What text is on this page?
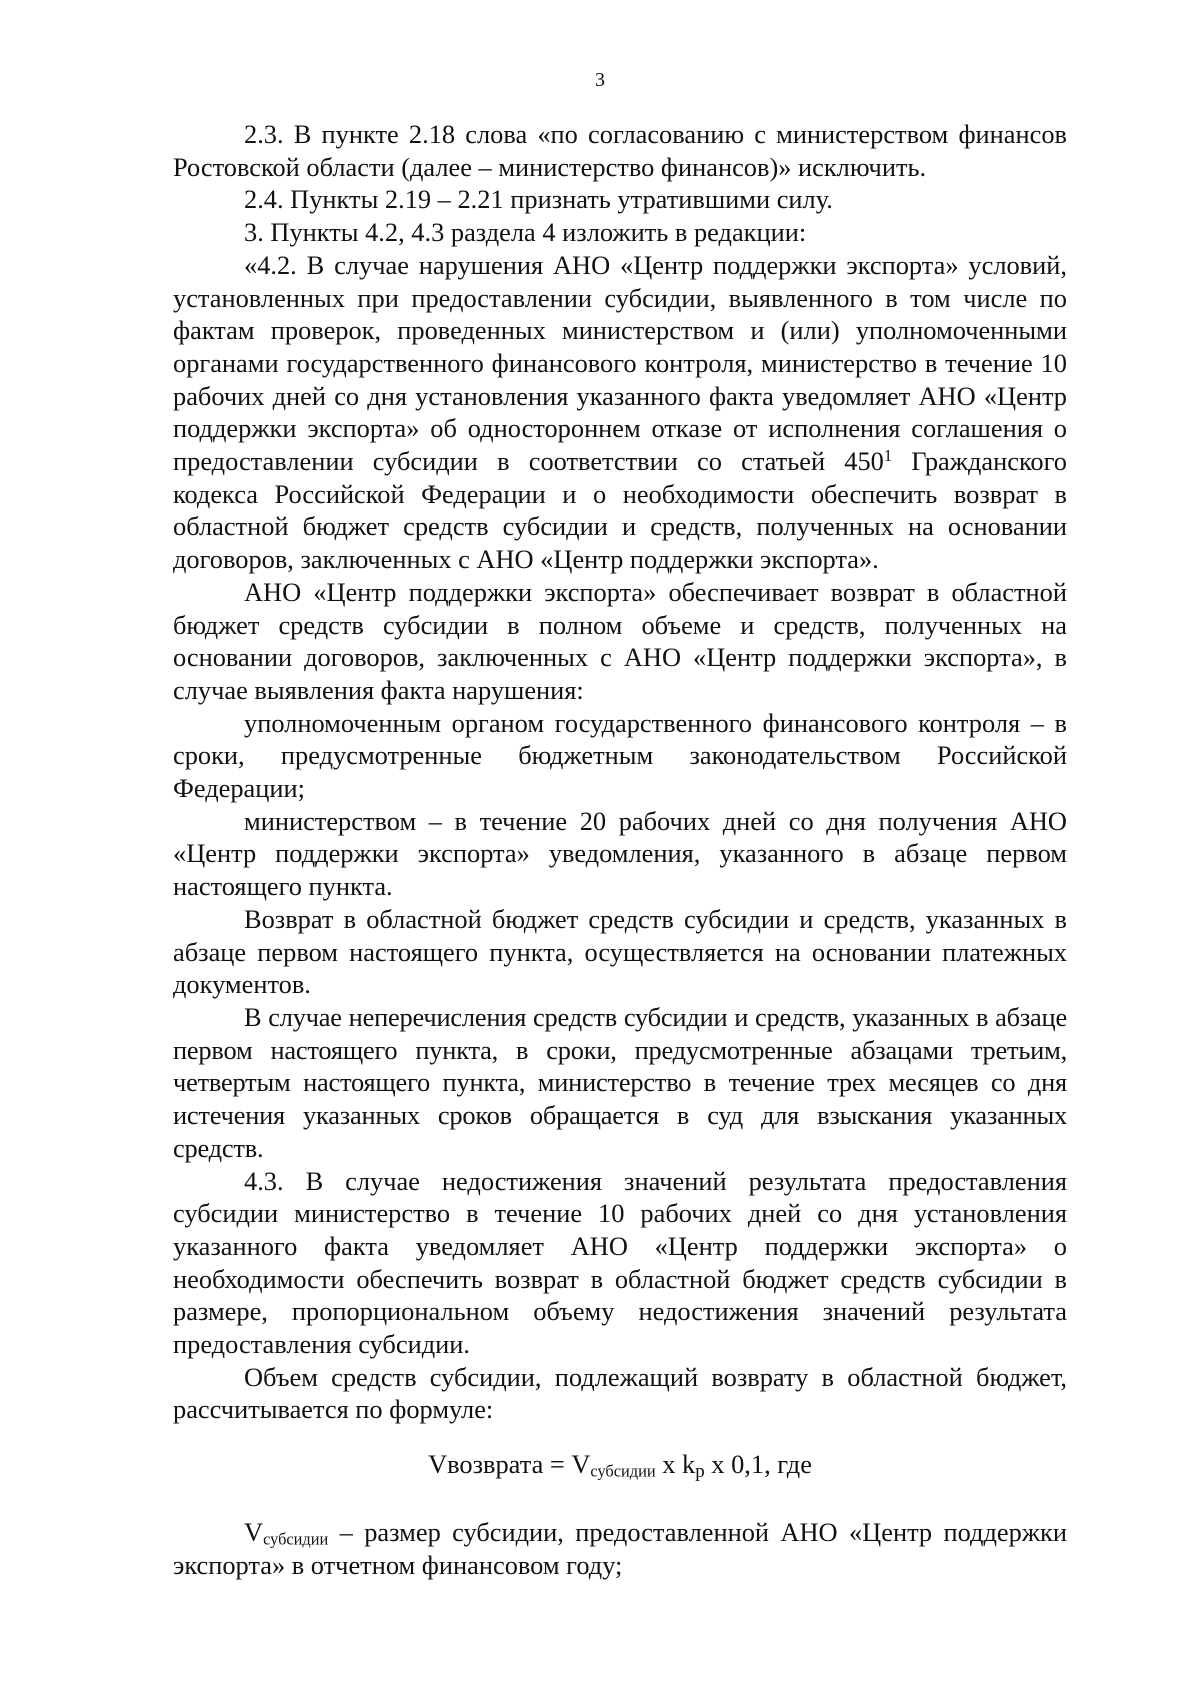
3

2.3. В пункте 2.18 слова «по согласованию с министерством финансов Ростовской области (далее – министерство финансов)» исключить.

2.4. Пункты 2.19 – 2.21 признать утратившими силу.

3. Пункты 4.2, 4.3 раздела 4 изложить в редакции:

«4.2. В случае нарушения АНО «Центр поддержки экспорта» условий, установленных при предоставлении субсидии, выявленного в том числе по фактам проверок, проведенных министерством и (или) уполномоченными органами государственного финансового контроля, министерство в течение 10 рабочих дней со дня установления указанного факта уведомляет АНО «Центр поддержки экспорта» об одностороннем отказе от исполнения соглашения о предоставлении субсидии в соответствии со статьей $450^1$ Гражданского кодекса Российской Федерации и о необходимости обеспечить возврат в областной бюджет средств субсидии и средств, полученных на основании договоров, заключенных с АНО «Центр поддержки экспорта».

АНО «Центр поддержки экспорта» обеспечивает возврат в областной бюджет средств субсидии в полном объеме и средств, полученных на основании договоров, заключенных с АНО «Центр поддержки экспорта», в случае выявления факта нарушения:

уполномоченным органом государственного финансового контроля – в сроки, предусмотренные бюджетным законодательством Российской Федерации;

министерством – в течение 20 рабочих дней со дня получения АНО «Центр поддержки экспорта» уведомления, указанного в абзаце первом настоящего пункта.

Возврат в областной бюджет средств субсидии и средств, указанных в абзаце первом настоящего пункта, осуществляется на основании платежных документов.

В случае неперечисления средств субсидии и средств, указанных в абзаце первом настоящего пункта, в сроки, предусмотренные абзацами третьим, четвертым настоящего пункта, министерство в течение трех месяцев со дня истечения указанных сроков обращается в суд для взыскания указанных средств.

4.3. В случае недостижения значений результата предоставления субсидии министерство в течение 10 рабочих дней со дня установления указанного факта уведомляет АНО «Центр поддержки экспорта» о необходимости обеспечить возврат в областной бюджет средств субсидии в размере, пропорциональном объему недостижения значений результата предоставления субсидии.

Объем средств субсидии, подлежащий возврату в областной бюджет, рассчитывается по формуле:

Vвозврата = $V_{субсидии}$ x $k_р$ x 0,1, где

$V_{субсидии}$ – размер субсидии, предоставленной АНО «Центр поддержки экспорта» в отчетном финансовом году;
